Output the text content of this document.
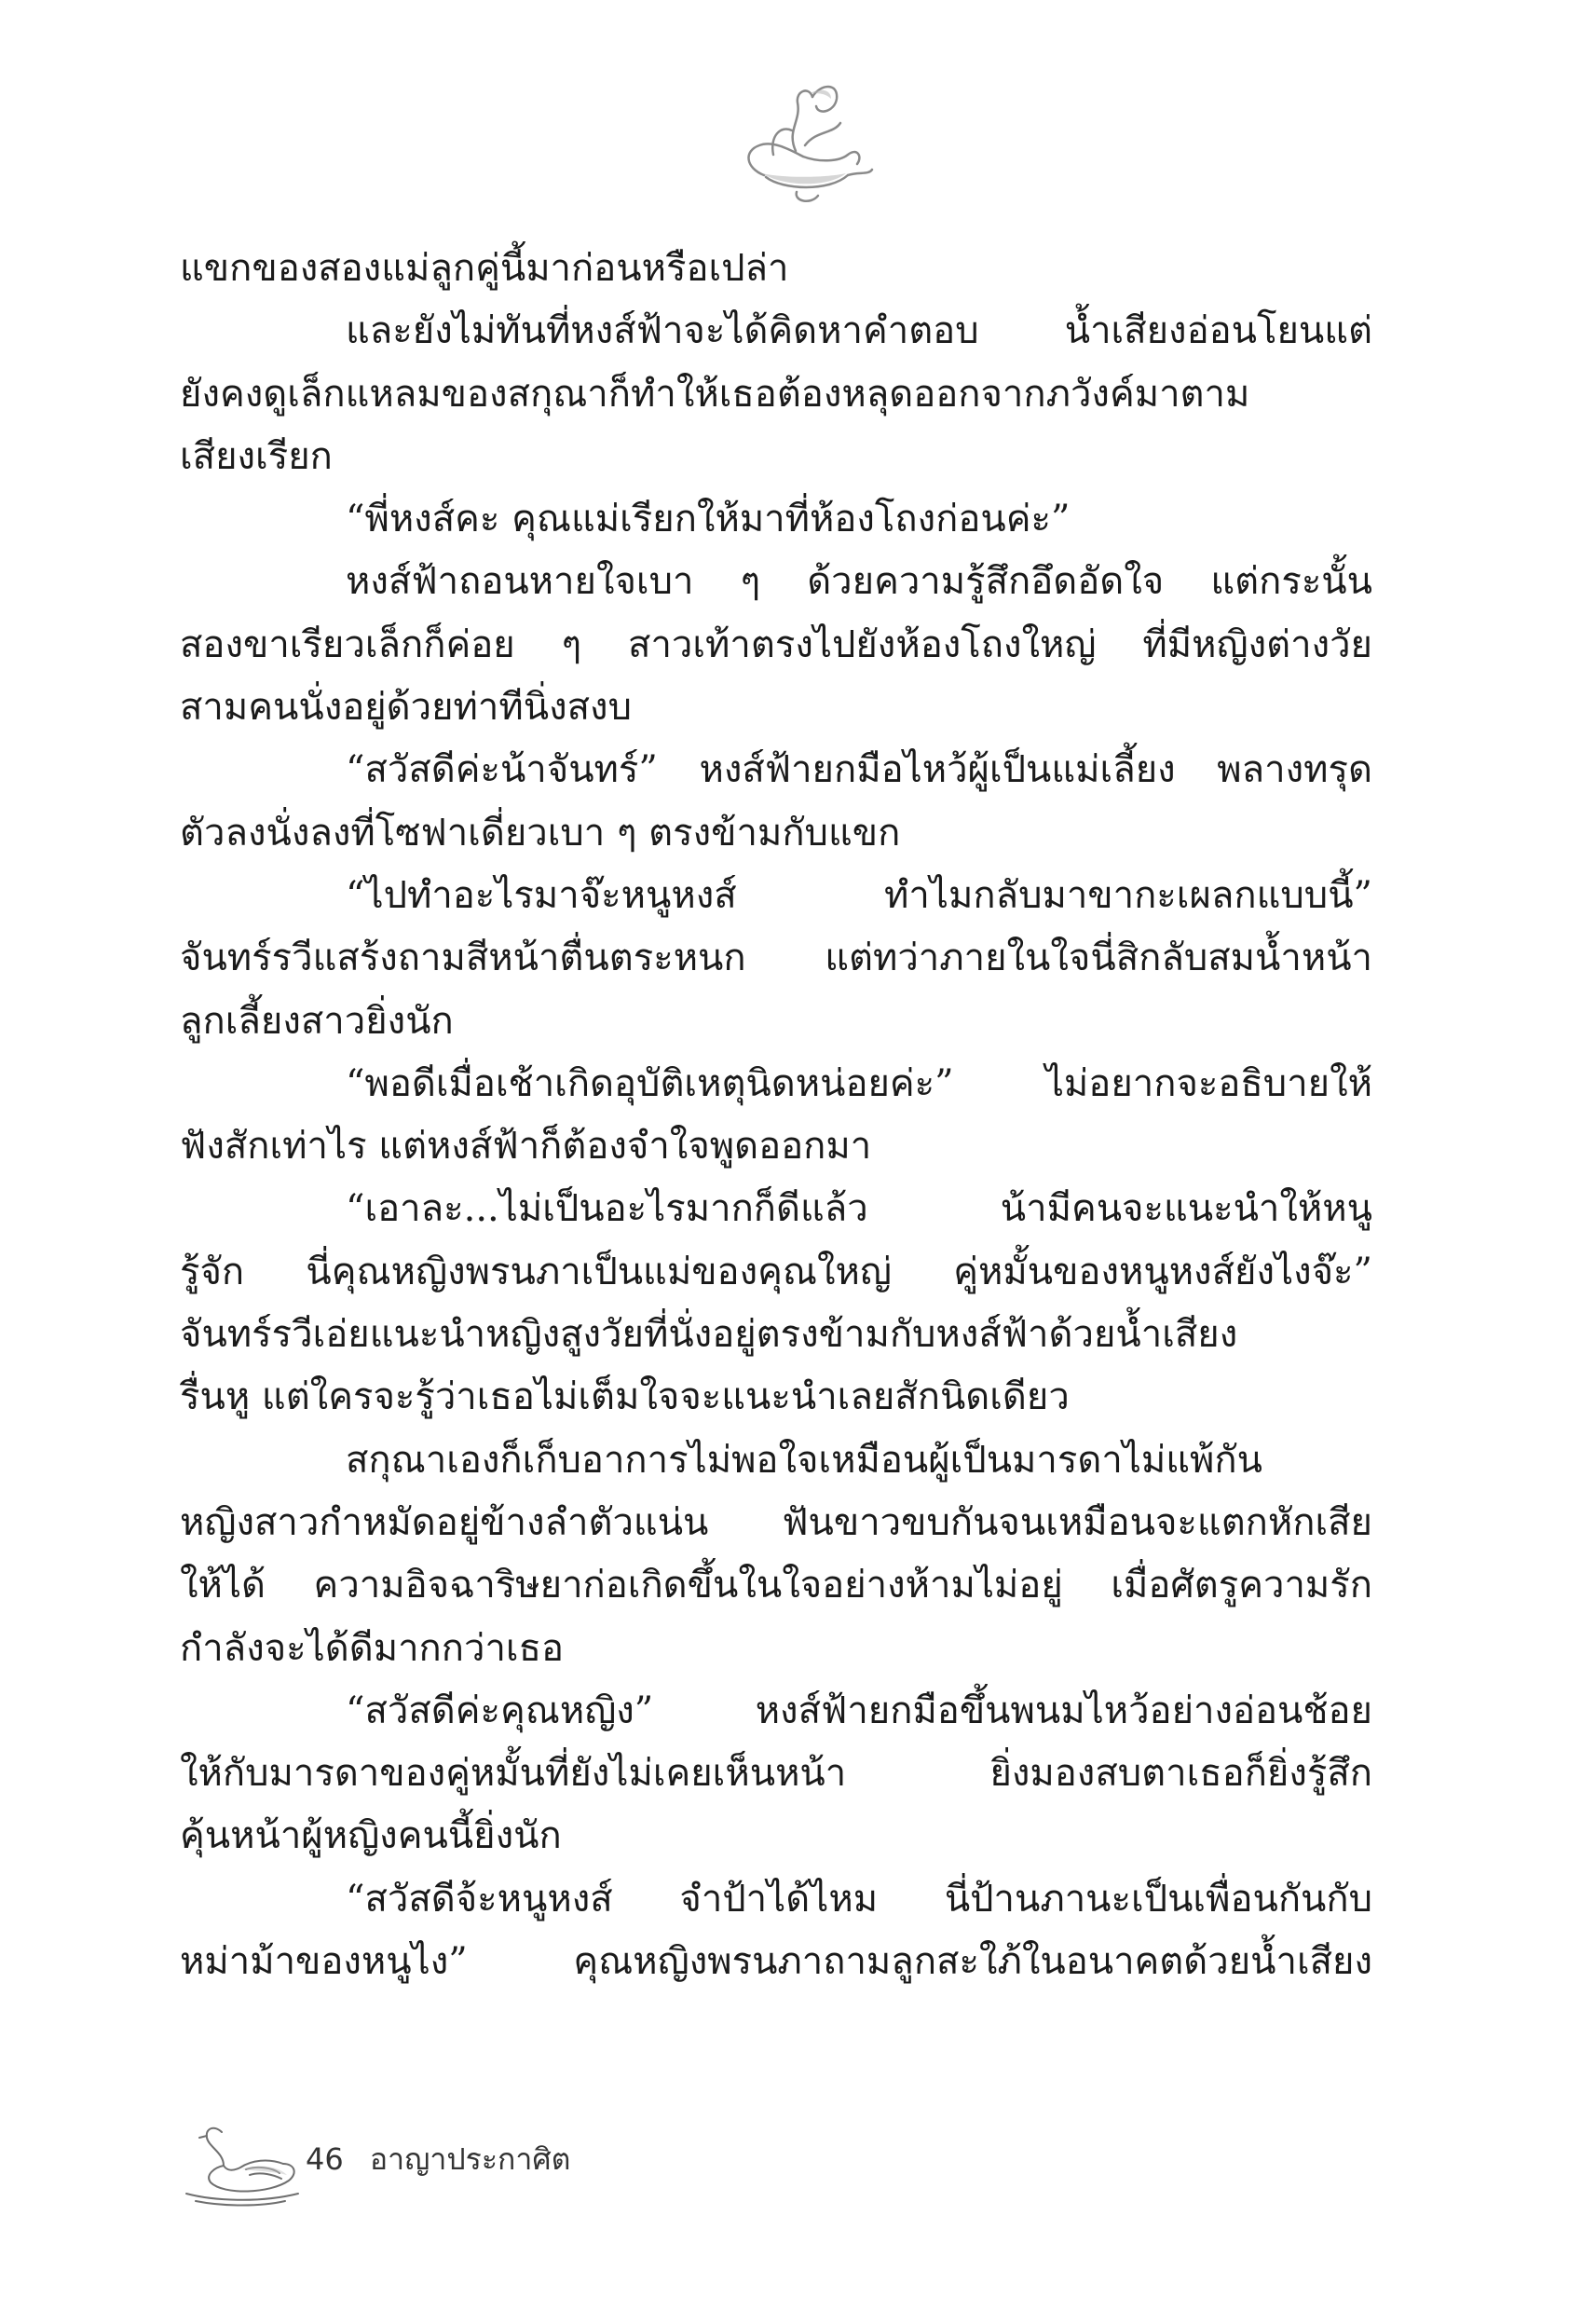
แขกของสองแม่ลูกคู่นี้มาก่อนหรือเปล่า
และยังไม่ทันที่หงส์ฟ้าจะได้คิดหาคำตอบ น้ำเสียงอ่อนโยนแต่
ยังคงดูเล็กแหลมของสกุณาก็ทำให้เธอต้องหลุดออกจากภวังค์มาตาม
เสียงเรียก
“พี่หงส์คะ คุณแม่เรียกให้มาที่ห้องโถงก่อนค่ะ”
หงส์ฟ้าถอนหายใจเบา ๆ ด้วยความรู้สึกอึดอัดใจ แต่กระนั้น
สองขาเรียวเล็กก็ค่อย ๆ สาวเท้าตรงไปยังห้องโถงใหญ่ ที่มีหญิงต่างวัย
สามคนนั่งอยู่ด้วยท่าทีนิ่งสงบ
“สวัสดีค่ะน้าจันทร์” หงส์ฟ้ายกมือไหว้ผู้เป็นแม่เลี้ยง พลางทรุด
ตัวลงนั่งลงที่โซฟาเดี่ยวเบา ๆ ตรงข้ามกับแขก
“ไปทำอะไรมาจ๊ะหนูหงส์ ทำไมกลับมาขากะเผลกแบบนี้”
จันทร์รวีแสร้งถามสีหน้าตื่นตระหนก แต่ทว่าภายในใจนี่สิกลับสมน้ำหน้า
ลูกเลี้ยงสาวยิ่งนัก
“พอดีเมื่อเช้าเกิดอุบัติเหตุนิดหน่อยค่ะ” ไม่อยากจะอธิบายให้
ฟังสักเท่าไร แต่หงส์ฟ้าก็ต้องจำใจพูดออกมา
“เอาละ...ไม่เป็นอะไรมากก็ดีแล้ว น้ามีคนจะแนะนำให้หนู
รู้จัก นี่คุณหญิงพรนภาเป็นแม่ของคุณใหญ่ คู่หมั้นของหนูหงส์ยังไงจ๊ะ”
จันทร์รวีเอ่ยแนะนำหญิงสูงวัยที่นั่งอยู่ตรงข้ามกับหงส์ฟ้าด้วยน้ำเสียง
รื่นหู แต่ใครจะรู้ว่าเธอไม่เต็มใจจะแนะนำเลยสักนิดเดียว
สกุณาเองก็เก็บอาการไม่พอใจเหมือนผู้เป็นมารดาไม่แพ้กัน
หญิงสาวกำหมัดอยู่ข้างลำตัวแน่น ฟันขาวขบกันจนเหมือนจะแตกหักเสีย
ให้ได้ ความอิจฉาริษยาก่อเกิดขึ้นในใจอย่างห้ามไม่อยู่ เมื่อศัตรูความรัก
กำลังจะได้ดีมากกว่าเธอ
“สวัสดีค่ะคุณหญิง” หงส์ฟ้ายกมือขึ้นพนมไหว้อย่างอ่อนช้อย
ให้กับมารดาของคู่หมั้นที่ยังไม่เคยเห็นหน้า ยิ่งมองสบตาเธอก็ยิ่งรู้สึก
คุ้นหน้าผู้หญิงคนนี้ยิ่งนัก
“สวัสดีจ้ะหนูหงส์ จำป้าได้ไหม นี่ป้านภานะเป็นเพื่อนกันกับ
หม่าม้าของหนูไง” คุณหญิงพรนภาถามลูกสะใภ้ในอนาคตด้วยน้ำเสียง
46 อาญาประกาศิต
